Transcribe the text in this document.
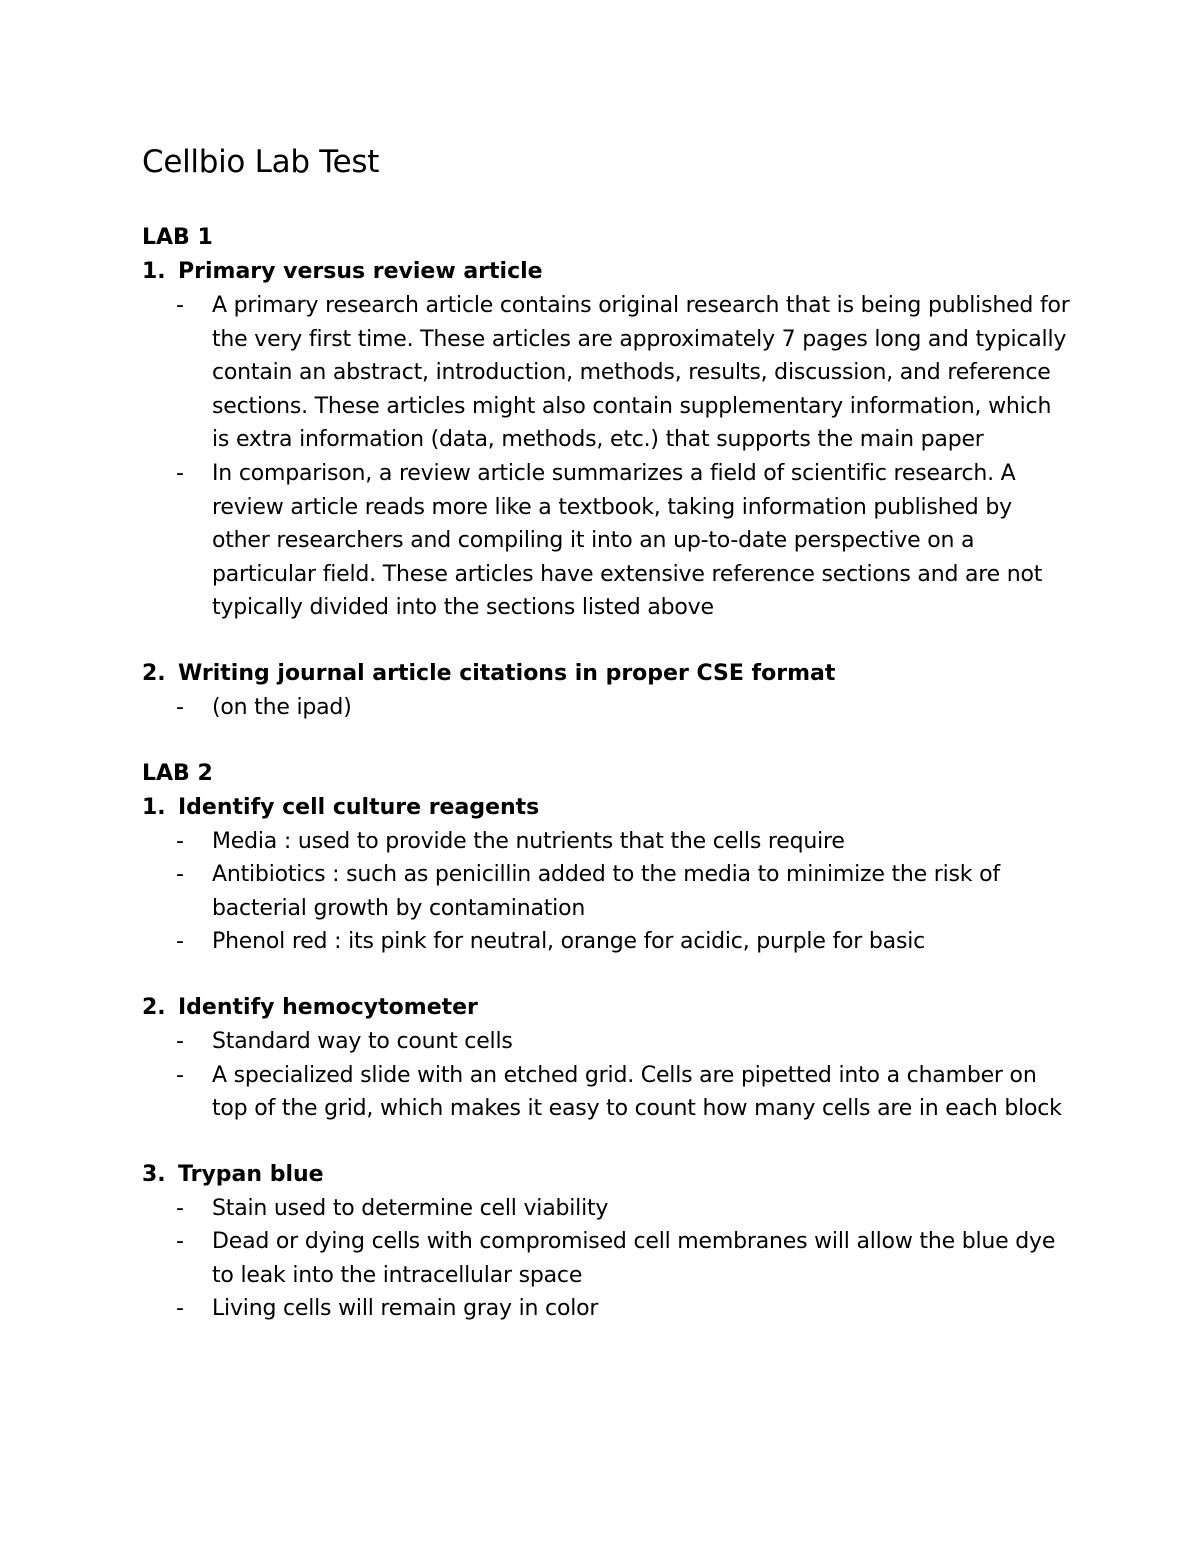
Cellbio Lab Test
LAB 1
1. Primary versus review article
-	A primary research article contains original research that is being published for the very first time. These articles are approximately 7 pages long and typically contain an abstract, introduction, methods, results, discussion, and reference sections. These articles might also contain supplementary information, which is extra information (data, methods, etc.) that supports the main paper
-	In comparison, a review article summarizes a field of scientific research. A review article reads more like a textbook, taking information published by other researchers and compiling it into an up-to-date perspective on a particular field. These articles have extensive reference sections and are not typically divided into the sections listed above
2. Writing journal article citations in proper CSE format
-	(on the ipad)
LAB 2
1. Identify cell culture reagents
-	Media : used to provide the nutrients that the cells require
-	Antibiotics : such as penicillin added to the media to minimize the risk of bacterial growth by contamination
-	Phenol red : its pink for neutral, orange for acidic, purple for basic
2. Identify hemocytometer
-	Standard way to count cells
-	A specialized slide with an etched grid. Cells are pipetted into a chamber on top of the grid, which makes it easy to count how many cells are in each block
3. Trypan blue
-	Stain used to determine cell viability
-	Dead or dying cells with compromised cell membranes will allow the blue dye to leak into the intracellular space
-	Living cells will remain gray in color
